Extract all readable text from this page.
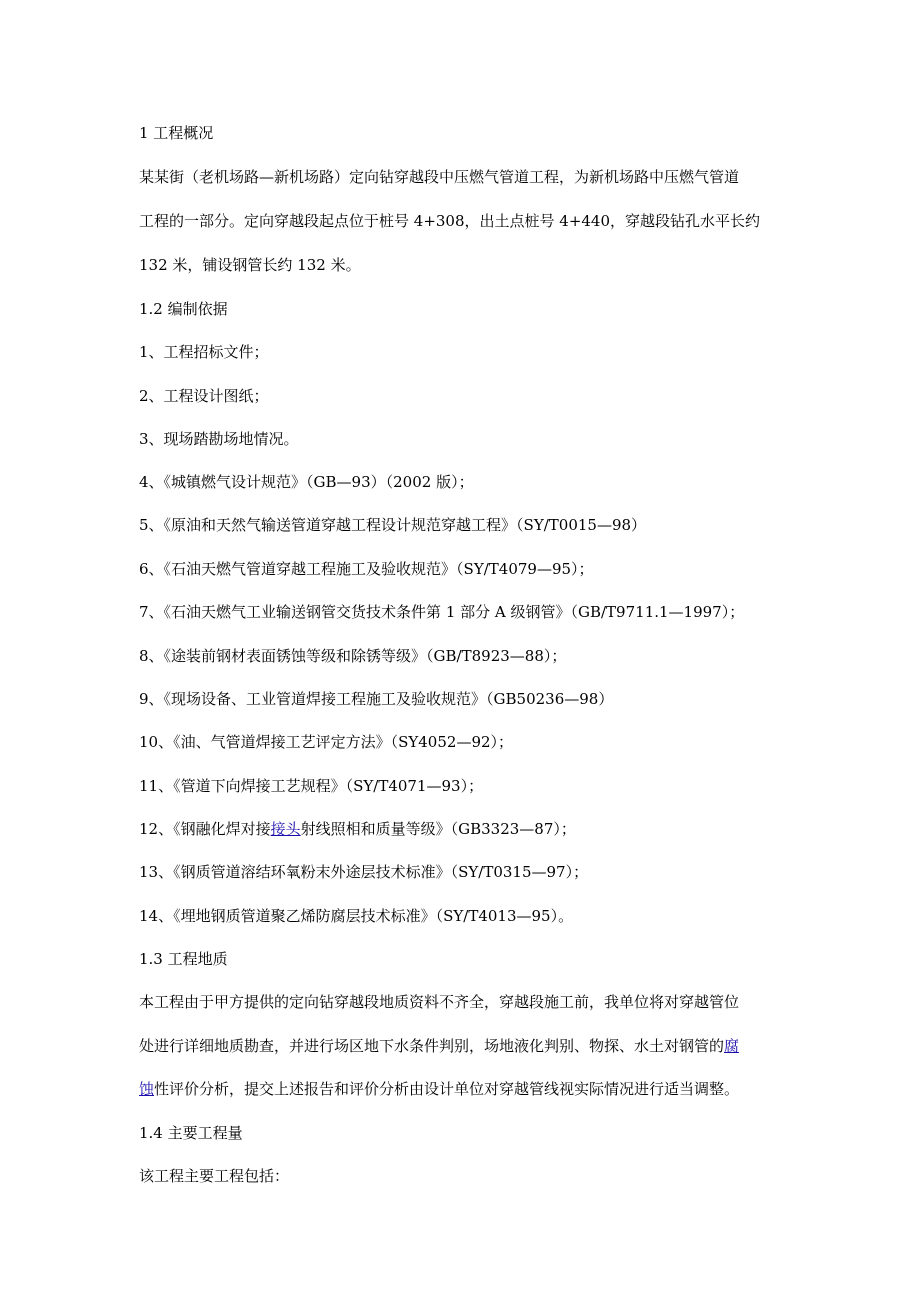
1 工程概况
某某街（老机场路—新机场路）定向钻穿越段中压燃气管道工程，为新机场路中压燃气管道
工程的一部分。定向穿越段起点位于桩号 4+308，出土点桩号 4+440，穿越段钻孔水平长约
132 米，铺设钢管长约 132 米。
1.2 编制依据
1、工程招标文件；
2、工程设计图纸；
3、现场踏勘场地情况。
4、《城镇燃气设计规范》（GB—93）（2002 版）；
5、《原油和天然气输送管道穿越工程设计规范穿越工程》（SY/T0015—98）
6、《石油天燃气管道穿越工程施工及验收规范》（SY/T4079—95）；
7、《石油天燃气工业输送钢管交货技术条件第 1 部分 A 级钢管》（GB/T9711.1—1997）；
8、《途装前钢材表面锈蚀等级和除锈等级》（GB/T8923—88）；
9、《现场设备、工业管道焊接工程施工及验收规范》（GB50236—98）
10、《油、气管道焊接工艺评定方法》（SY4052—92）；
11、《管道下向焊接工艺规程》（SY/T4071—93）；
12、《钢融化焊对接接头射线照相和质量等级》（GB3323—87）；
13、《钢质管道溶结环氧粉末外途层技术标准》（SY/T0315—97）；
14、《埋地钢质管道聚乙烯防腐层技术标准》（SY/T4013—95）。
1.3 工程地质
本工程由于甲方提供的定向钻穿越段地质资料不齐全，穿越段施工前，我单位将对穿越管位
处进行详细地质勘查，并进行场区地下水条件判别，场地液化判别、物探、水土对钢管的腐
蚀性评价分析，提交上述报告和评价分析由设计单位对穿越管线视实际情况进行适当调整。
1.4 主要工程量
该工程主要工程包括：
